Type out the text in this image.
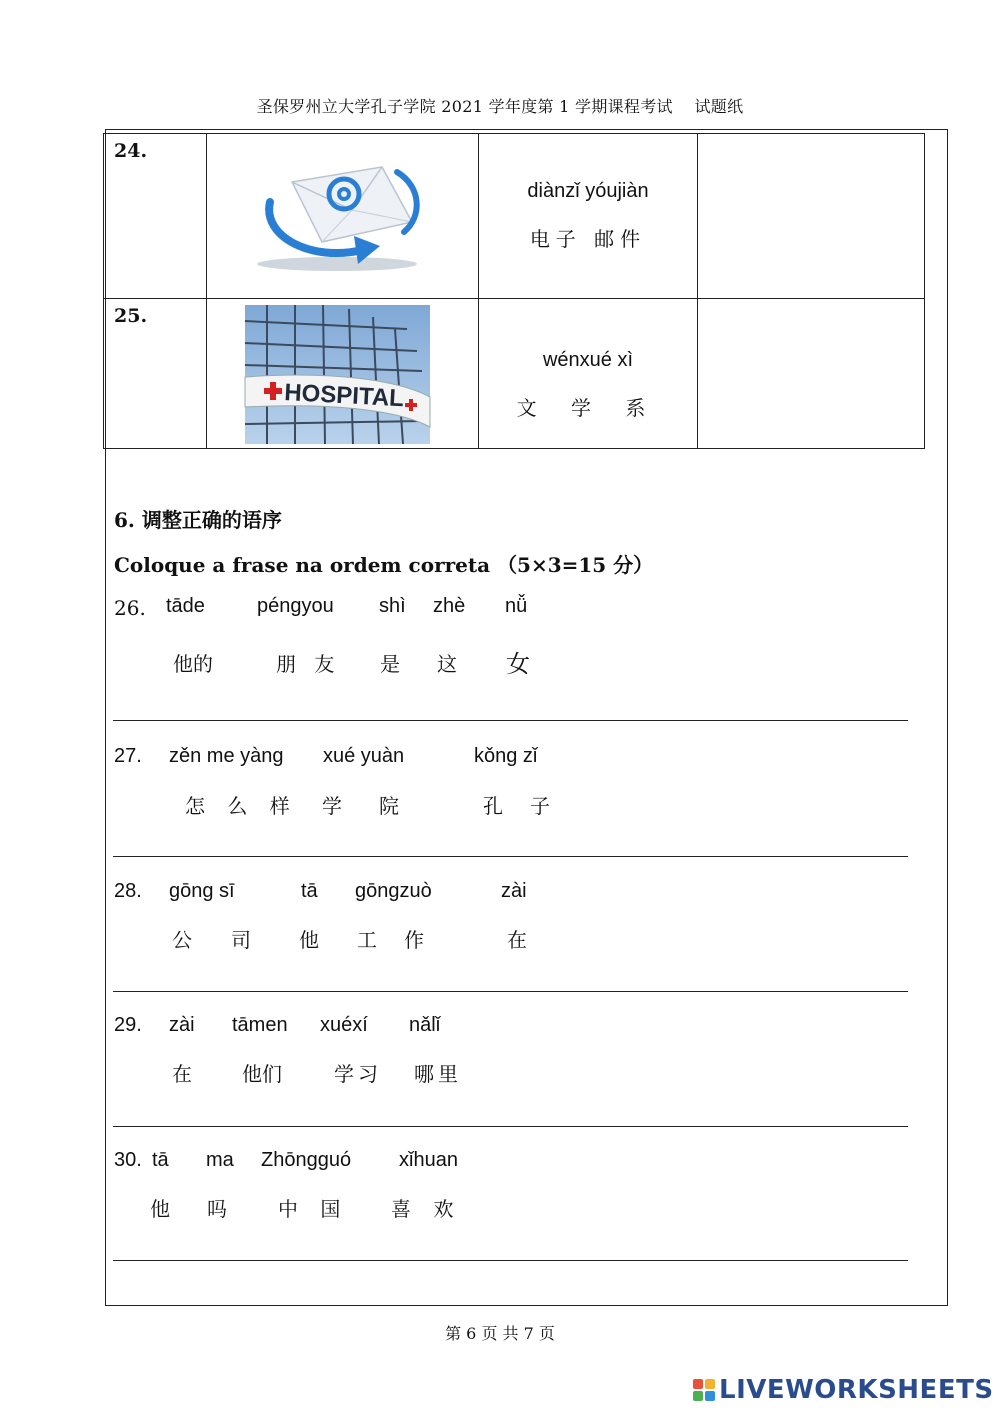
圣保罗州立大学孔子学院 2021 学年度第 1 学期课程考试　 试题纸
24.		diànzǐ yóujiàn
电子 邮件	

25.	HOSPITAL	wénxué xì
文 学 系	

6. 调整正确的语序
Coloque a frase na ordem correta （5×3=15 分）
26. tāde	péngyou shì zhè nǚ
他的	朋 友 是 这 女
27. zěn me yàng xué yuàn	kǒng zǐ
怎 么 样 学 院	孔 子
28. gōng sī	tā gōngzuò	zài
公 司 他 工 作	在
29. zài tāmen xuéxí nǎlǐ
在	他们	学习 哪里
30. tā ma Zhōngguó xǐhuan
他 吗	中 国 喜 欢
第 6 页 共 7 页
LIVEWORKSHEETS
